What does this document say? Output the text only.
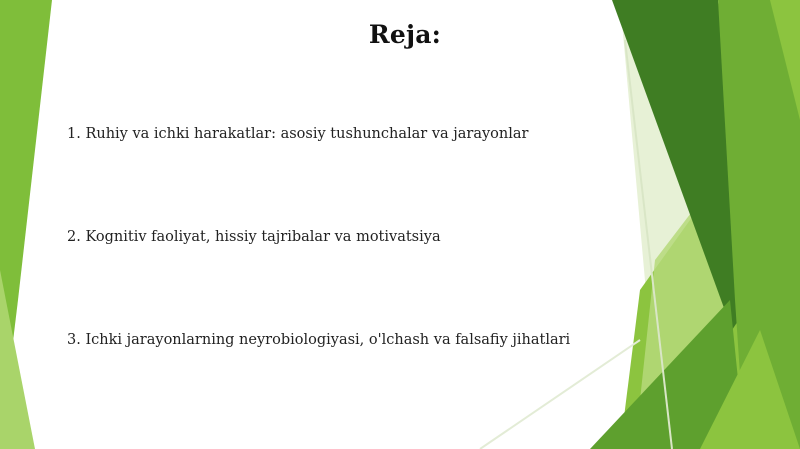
Reja:
1. Ruhiy va ichki harakatlar: asosiy tushunchalar va jarayonlar
2. Kognitiv faoliyat, hissiy tajribalar va motivatsiya
3. Ichki jarayonlarning neyrobiologiyasi, o'lchash va falsafiy jihatlari
